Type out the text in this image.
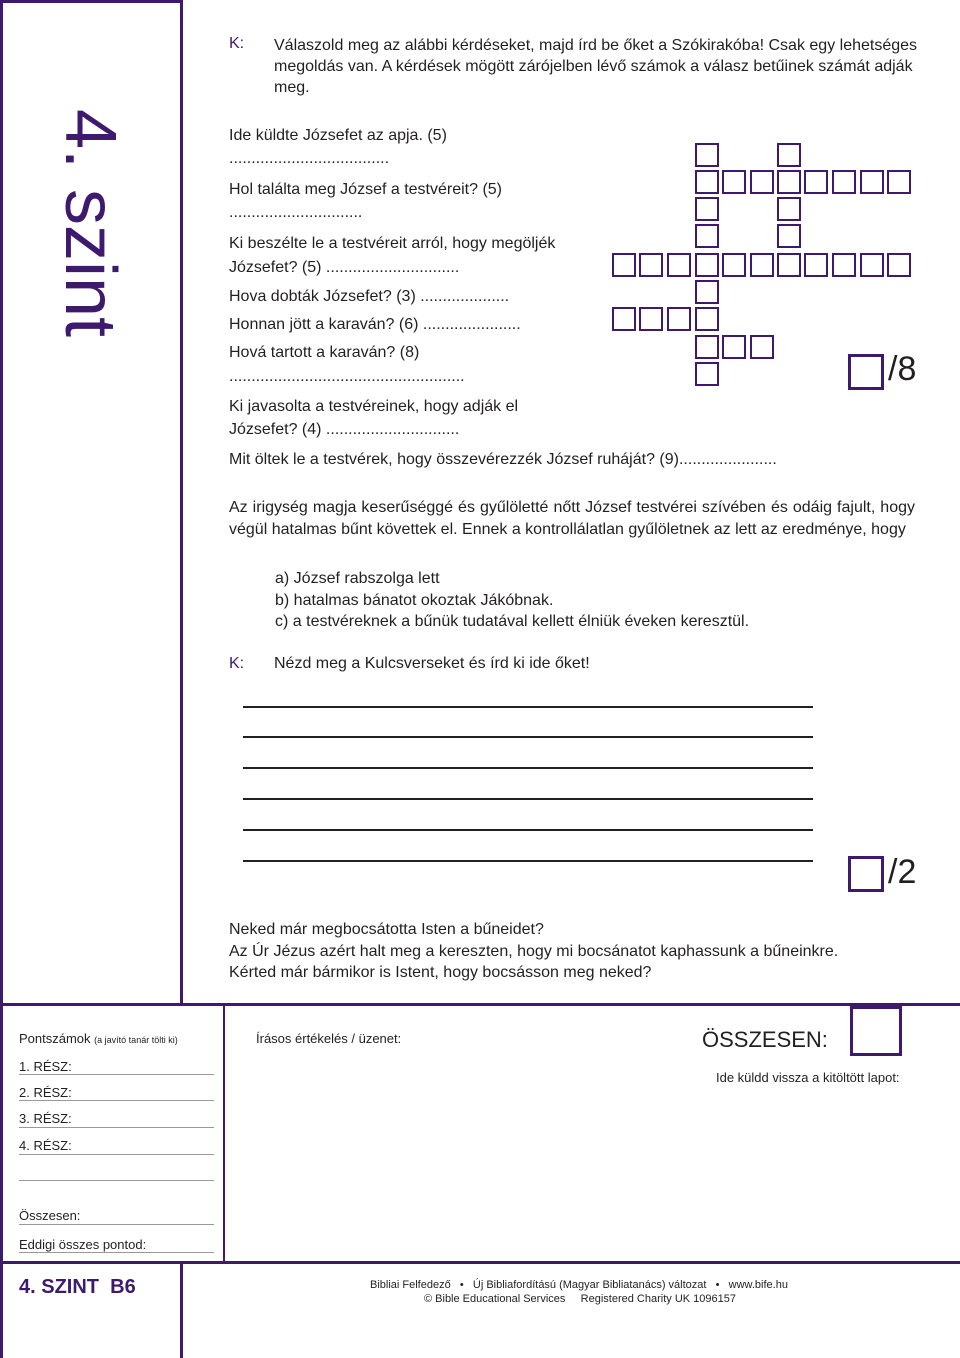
4. szint
K: Válaszold meg az alábbi kérdéseket, majd írd be őket a Szókirakóba! Csak egy lehetséges megoldás van. A kérdések mögött zárójelben lévő számok a válasz betűinek számát adják meg.
Ide küldte Józsefet az apja. (5)
....................................
Hol találta meg József a testvéreit? (5)
..............................
Ki beszélte le a testvéreit arról, hogy megöljék
Józsefet? (5) ..............................
Hova dobták Józsefet? (3) ....................
Honnan jött a karaván? (6) ......................
Hová tartott a karaván? (8)
.....................................................
Ki javasolta a testvéreinek, hogy adják el
Józsefet? (4) ..............................
Mit öltek le a testvérek, hogy összevérezzék József ruháját? (9)......................
/8
Az irigység magja keserűséggé és gyűlöletté nőtt József testvérei szívében és odáig fajult, hogy végül hatalmas bűnt követtek el. Ennek a kontrollálatlan gyűlöletnek az lett az eredménye, hogy
a) József rabszolga lett
b) hatalmas bánatot okoztak Jákóbnak.
c) a testvéreknek a bűnük tudatával kellett élniük éveken keresztül.
K: Nézd meg a Kulcsverseket és írd ki ide őket!
/2
Neked már megbocsátotta Isten a bűneidet?
Az Úr Jézus azért halt meg a kereszten, hogy mi bocsánatot kaphassunk a bűneinkre.
Kérted már bármikor is Istent, hogy bocsásson meg neked?
Pontszámok (a javító tanár tölti ki)
1. RÉSZ:
2. RÉSZ:
3. RÉSZ:
4. RÉSZ:
Összesen:
Eddigi összes pontod:
Írásos értékelés / üzenet:	ÖSSZESEN:
Ide küldd vissza a kitöltött lapot:
4. SZINT  B6	Bibliai Felfedező   •   Új Bibliafordítású (Magyar Bibliatanács) változat   •   www.bife.hu
© Bible Educational Services     Registered Charity UK 1096157
